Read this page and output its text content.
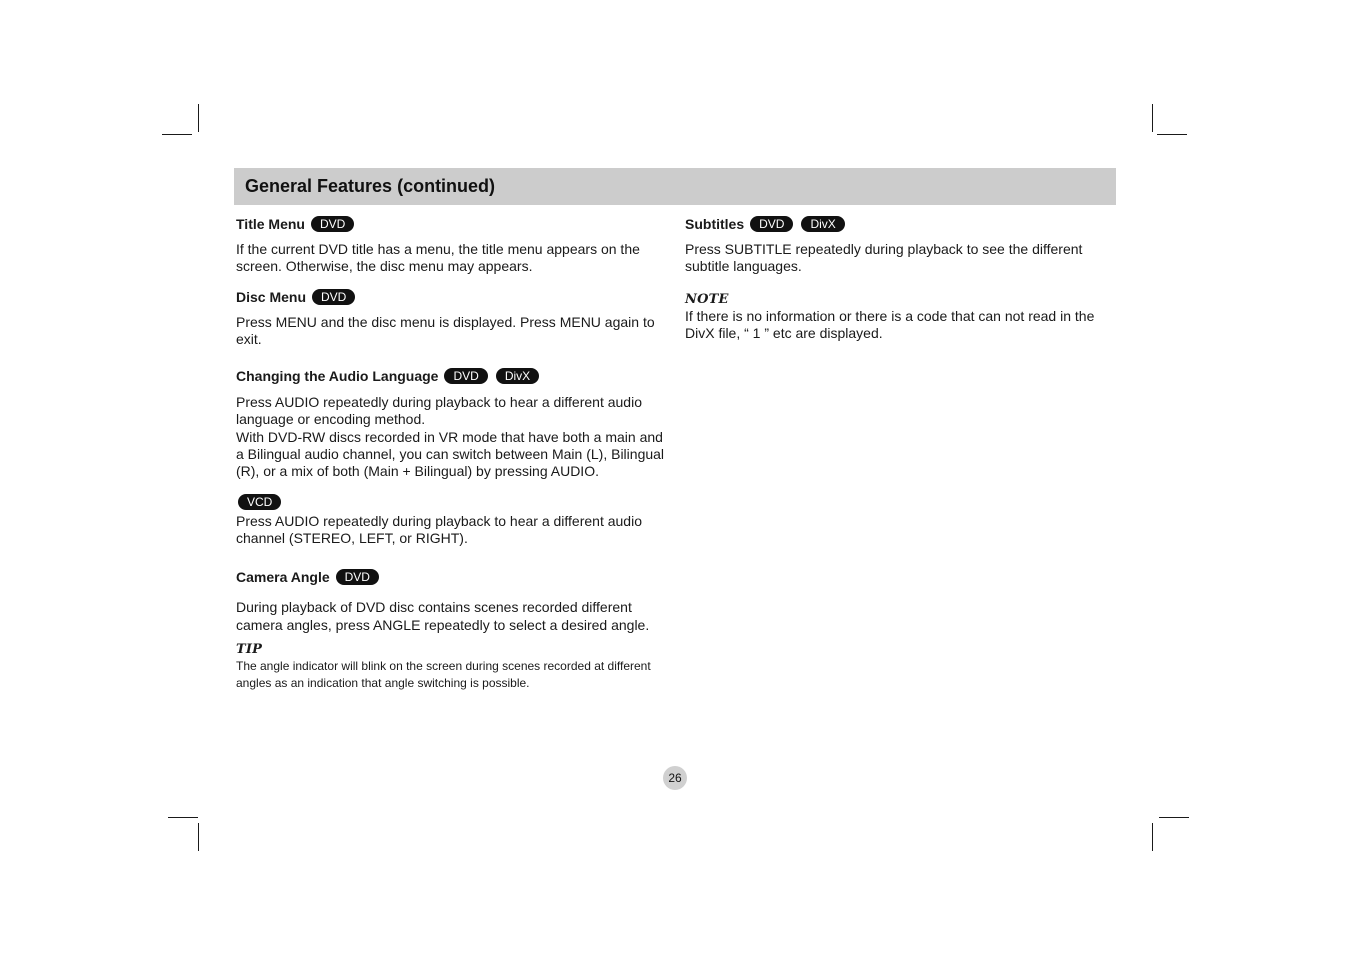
General Features (continued)
Title Menu	DVD

If the current DVD title has a menu, the title menu appears on the screen. Otherwise, the disc menu may appears.

Disc Menu	DVD

Press MENU and the disc menu is displayed. Press MENU again to exit.

Changing the Audio Language	DVD	DivX

Press AUDIO repeatedly during playback to hear a different audio language or encoding method.

With DVD-RW discs recorded in VR mode that have both a main and a Bilingual audio channel, you can switch between Main (L), Bilingual (R), or a mix of both (Main + Bilingual) by pressing AUDIO.

VCD

Press AUDIO repeatedly during playback to hear a different audio channel (STEREO, LEFT, or RIGHT).

Camera Angle	DVD

During playback of DVD disc contains scenes recorded different camera angles, press ANGLE repeatedly to select a desired angle.

TIP

The angle indicator will blink on the screen during scenes recorded at different angles as an indication that angle switching is possible.

Subtitles	DVD	DivX

Press SUBTITLE repeatedly during playback to see the different subtitle languages.

NOTE

If there is no information or there is a code that can not read in the DivX file, “ 1 ” etc are displayed.

26
